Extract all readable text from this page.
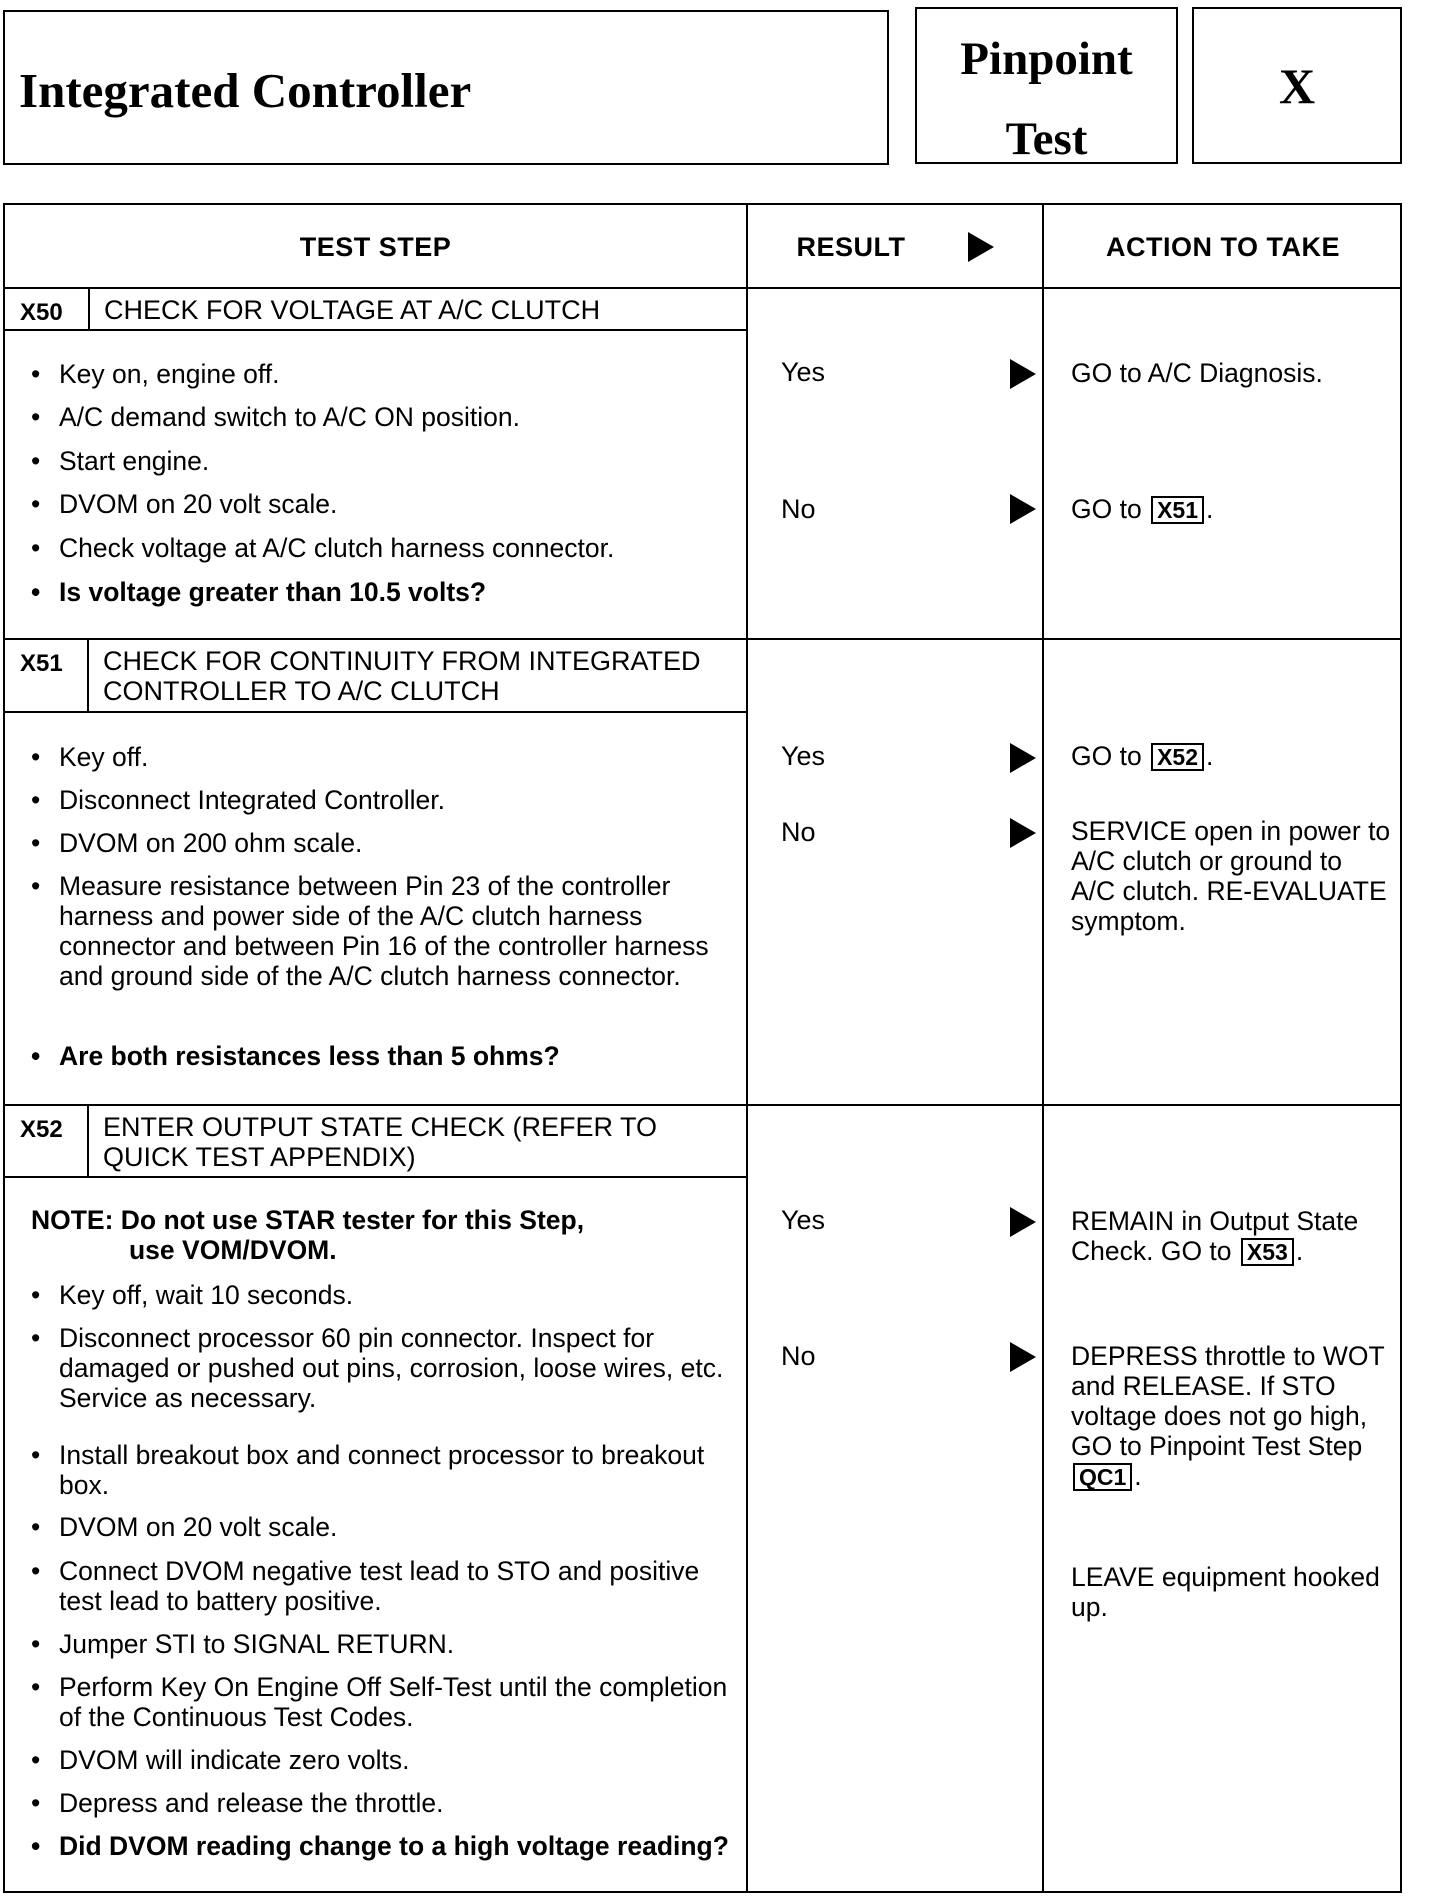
Integrated Controller
Pinpoint
Test
X
TEST STEP	RESULT	ACTION TO TAKE
X50	CHECK FOR VOLTAGE AT A/C CLUTCH
• Key on, engine off.
• A/C demand switch to A/C ON position.
• Start engine.
• DVOM on 20 volt scale.
• Check voltage at A/C clutch harness connector.
• Is voltage greater than 10.5 volts?
Yes	GO to A/C Diagnosis.
No	GO to X51 .
X51	CHECK FOR CONTINUITY FROM INTEGRATED
CONTROLLER TO A/C CLUTCH
• Key off.
• Disconnect Integrated Controller.
• DVOM on 200 ohm scale.
• Measure resistance between Pin 23 of the controller harness and power side of the A/C clutch harness connector and between Pin 16 of the controller harness and ground side of the A/C clutch harness connector.
• Are both resistances less than 5 ohms?
Yes	GO to X52 .
No	SERVICE open in power to A/C clutch or ground to A/C clutch. RE-EVALUATE symptom.
X52	ENTER OUTPUT STATE CHECK (REFER TO
QUICK TEST APPENDIX)
NOTE: Do not use STAR tester for this Step,
use VOM/DVOM.
• Key off, wait 10 seconds.
• Disconnect processor 60 pin connector. Inspect for damaged or pushed out pins, corrosion, loose wires, etc. Service as necessary.
• Install breakout box and connect processor to breakout box.
• DVOM on 20 volt scale.
• Connect DVOM negative test lead to STO and positive test lead to battery positive.
• Jumper STI to SIGNAL RETURN.
• Perform Key On Engine Off Self-Test until the completion of the Continuous Test Codes.
• DVOM will indicate zero volts.
• Depress and release the throttle.
• Did DVOM reading change to a high voltage reading?
Yes	REMAIN in Output State Check. GO to X53 .
No	DEPRESS throttle to WOT and RELEASE. If STO voltage does not go high, GO to Pinpoint Test Step QC1 .
LEAVE equipment hooked up.
